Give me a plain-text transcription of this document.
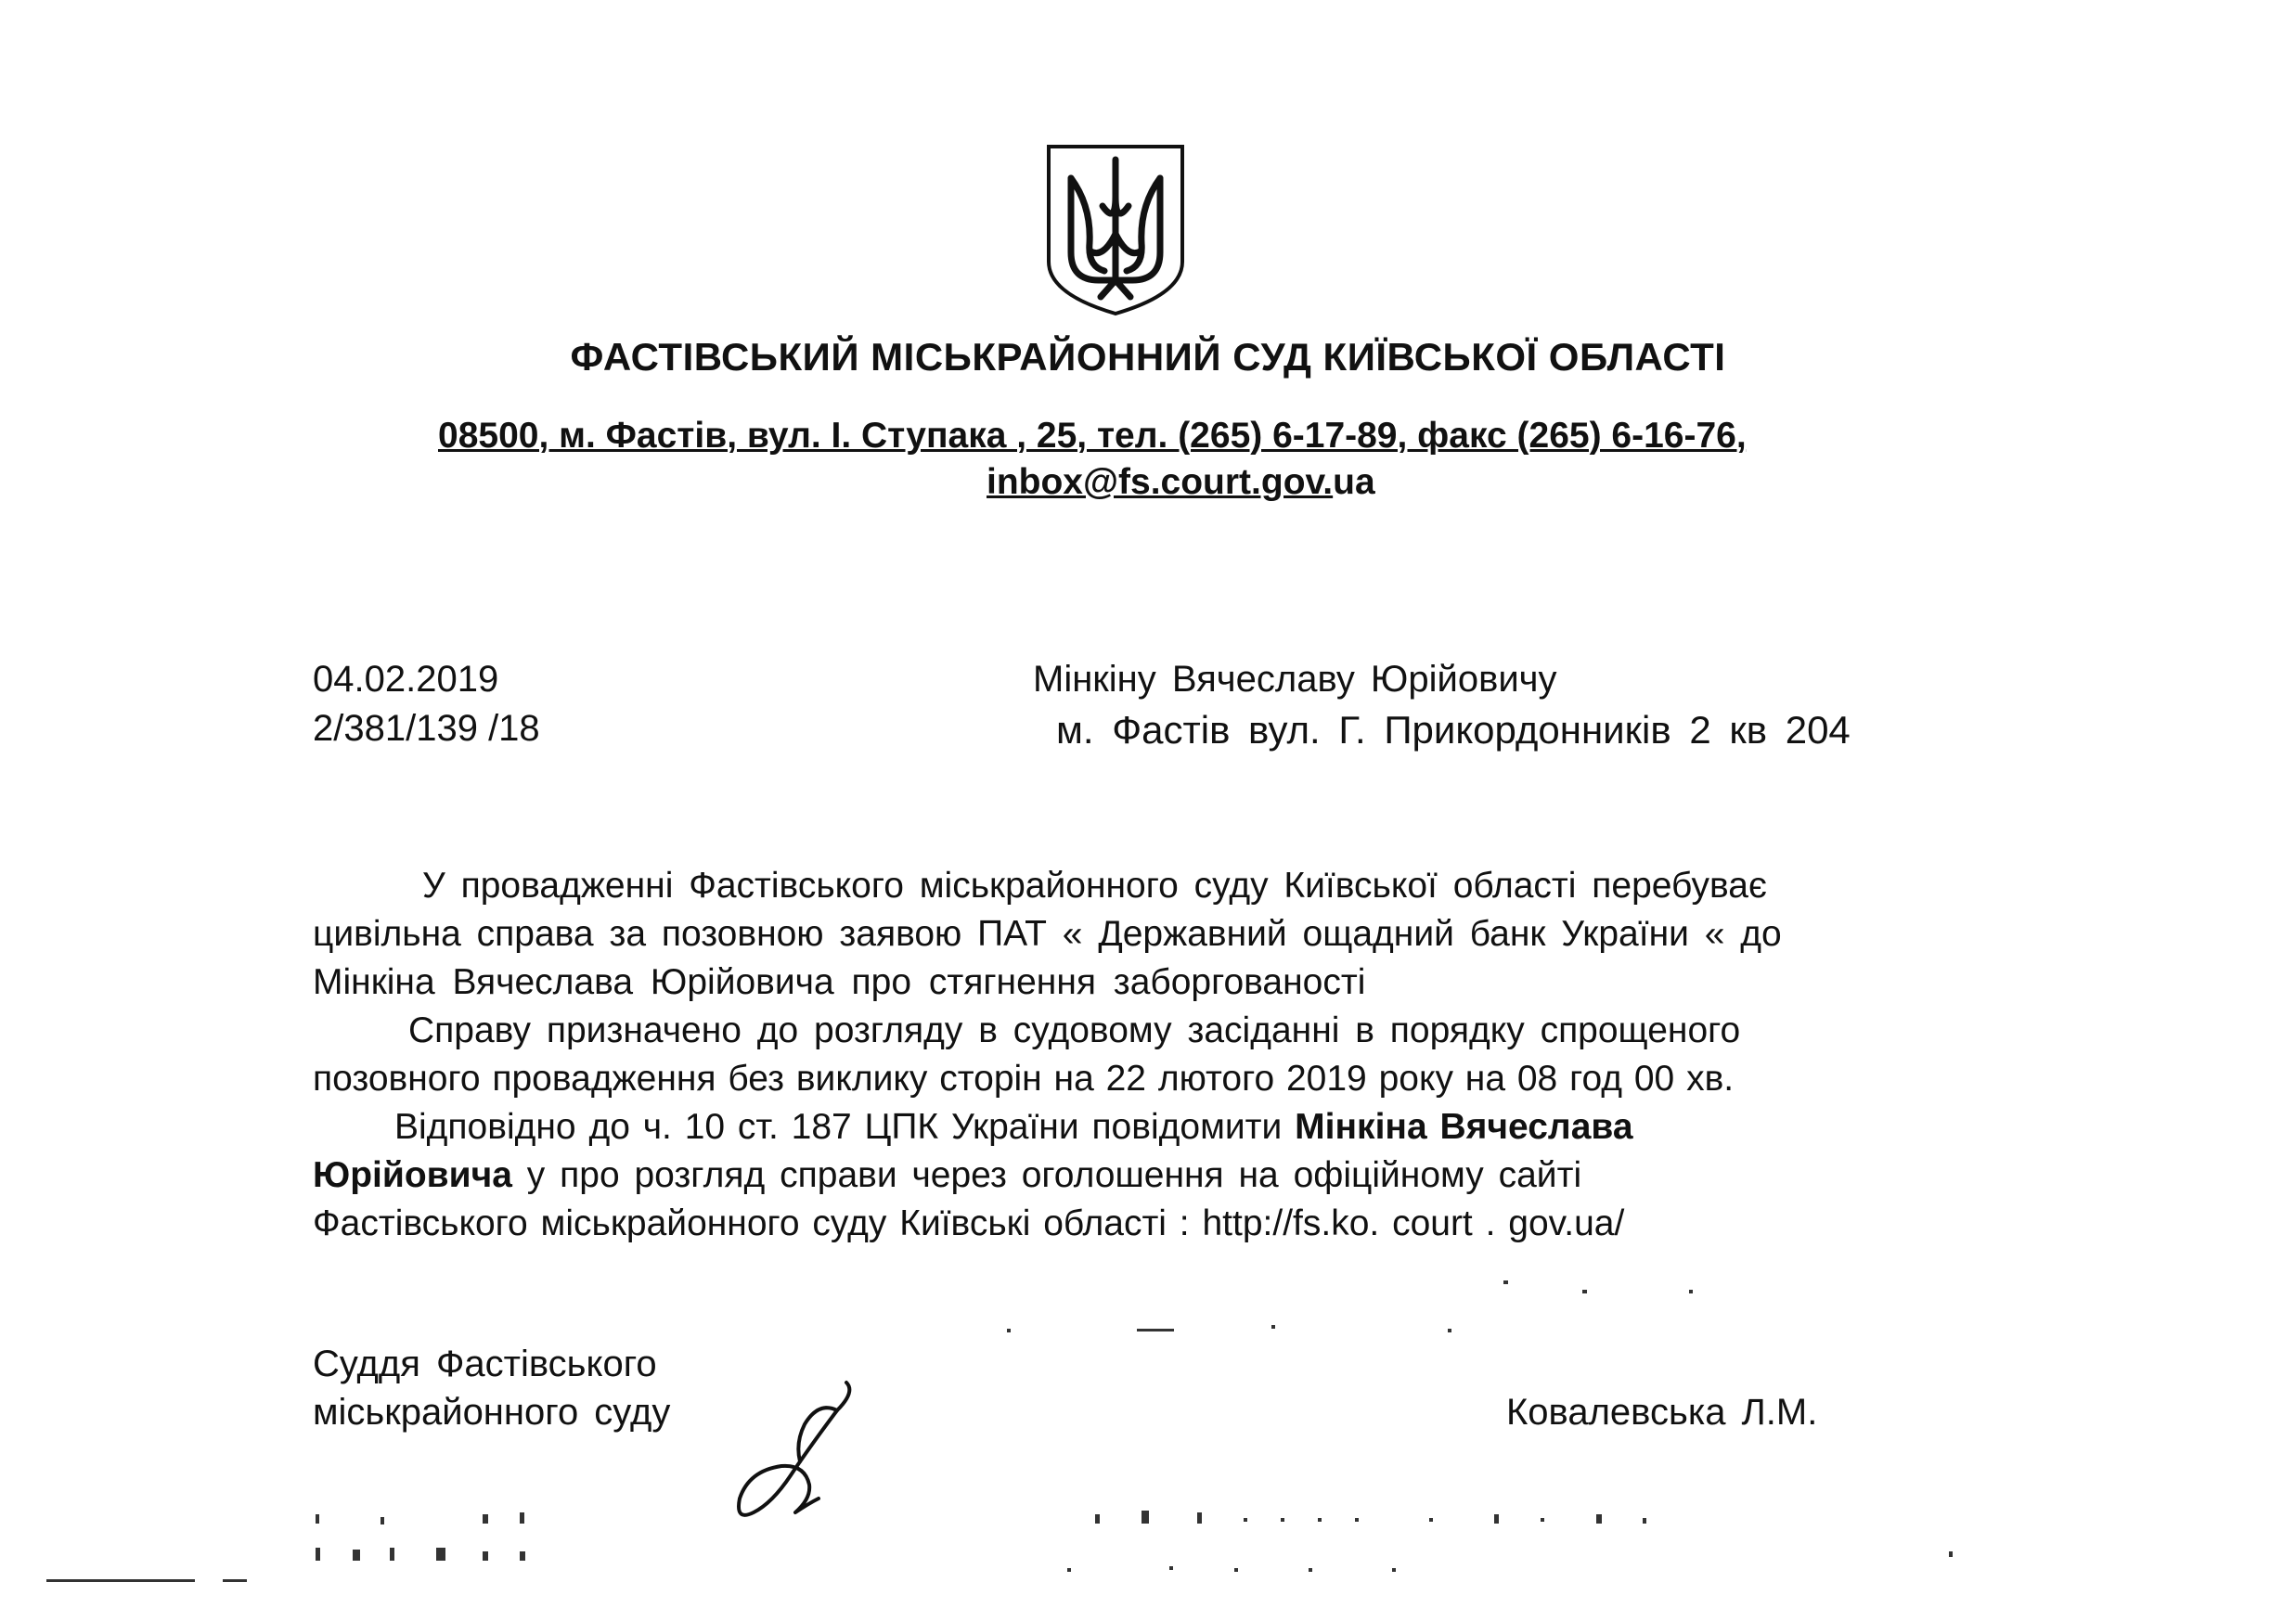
ФАСТІВСЬКИЙ МІСЬКРАЙОННИЙ СУД КИЇВСЬКОЇ ОБЛАСТІ
08500, м. Фастів, вул. І. Ступака , 25, тел. (265) 6-17-89, факс (265) 6-16-76,
inbox@fs.court.gov.ua
04.02.2019
2/381/139 /18
Мінкіну Вячеславу Юрійовичу
м. Фастів вул. Г. Прикордонників 2 кв 204
У провадженні Фастівського міськрайонного суду Київської області перебуває
цивільна справа за позовною заявою ПАТ « Державний ощадний банк України « до
Мінкіна Вячеслава Юрійовича про стягнення заборгованості
Справу призначено до розгляду в судовому засіданні в порядку спрощеного
позовного провадження без виклику сторін на 22 лютого 2019 року на 08 год 00 хв.
Відповідно до ч. 10 ст. 187 ЦПК України повідомити Мінкіна Вячеслава
Юрійовича у про розгляд справи через оголошення на офіційному сайті
Фастівського міськрайонного суду Київські області : http://fs.ko. court . gov.ua/
Суддя Фастівського
міськрайонного суду	Ковалевська Л.М.
